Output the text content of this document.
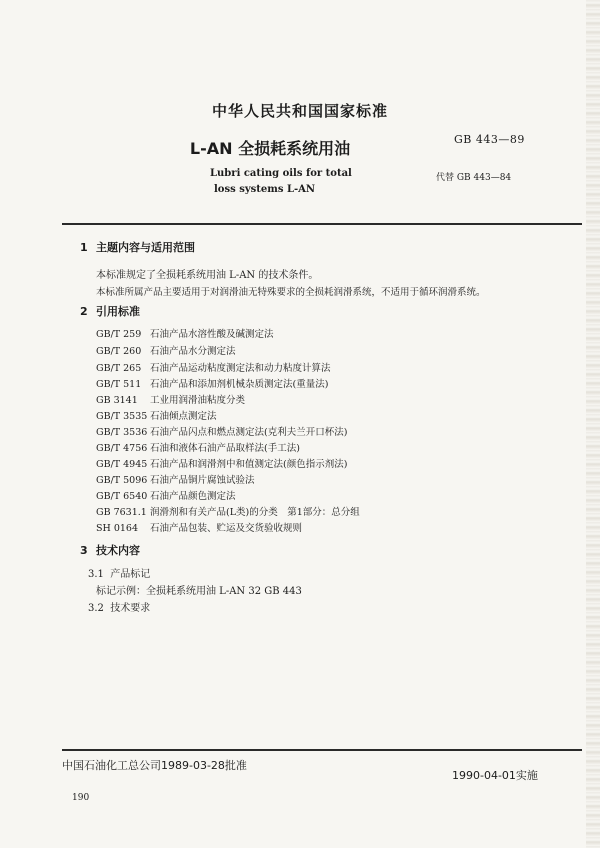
中华人民共和国国家标准
L-AN 全损耗系统用油	GB 443—89
Lubri cating oils for total
loss systems L-AN
代替 GB 443—84
1 主题内容与适用范围
本标准规定了全损耗系统用油 L-AN 的技术条件。
本标准所属产品主要适用于对润滑油无特殊要求的全损耗润滑系统，不适用于循环润滑系统。
2 引用标准
GB/T 259 石油产品水溶性酸及碱测定法
GB/T 260 石油产品水分测定法
GB/T 265 石油产品运动粘度测定法和动力粘度计算法
GB/T 511 石油产品和添加剂机械杂质测定法(重量法)
GB 3141 工业用润滑油粘度分类
GB/T 3535 石油倾点测定法
GB/T 3536 石油产品闪点和燃点测定法(克利夫兰开口杯法)
GB/T 4756 石油和液体石油产品取样法(手工法)
GB/T 4945 石油产品和润滑剂中和值测定法(颜色指示剂法)
GB/T 5096 石油产品铜片腐蚀试验法
GB/T 6540 石油产品颜色测定法
GB 7631.1 润滑剂和有关产品(L类)的分类　第1部分：总分组
SH 0164 石油产品包装、贮运及交货验收规则
3 技术内容
3.1 产品标记
标记示例：全损耗系统用油 L-AN 32 GB 443
3.2 技术要求
中国石油化工总公司1989-03-28批准
1990-04-01实施
190
